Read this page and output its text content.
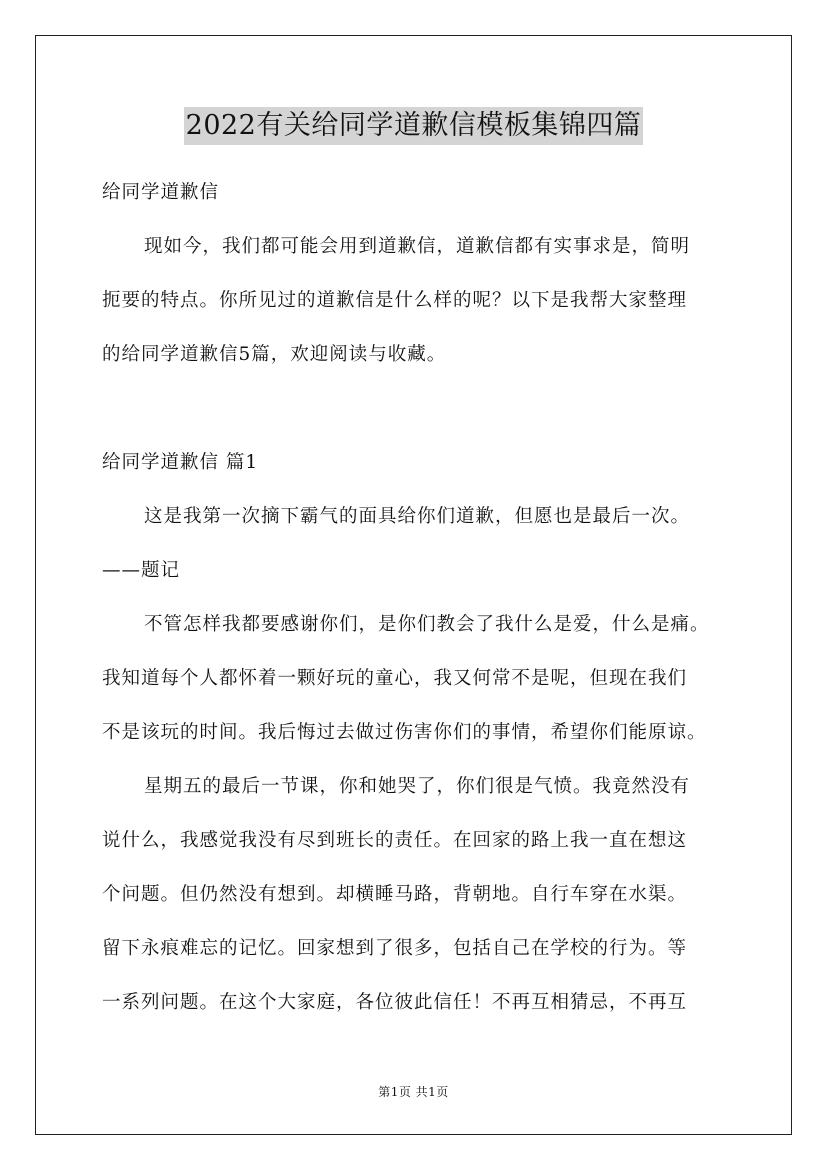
2022有关给同学道歉信模板集锦四篇
给同学道歉信
现如今，我们都可能会用到道歉信，道歉信都有实事求是，简明
扼要的特点。你所见过的道歉信是什么样的呢？以下是我帮大家整理
的给同学道歉信5篇，欢迎阅读与收藏。
给同学道歉信 篇1
这是我第一次摘下霸气的面具给你们道歉，但愿也是最后一次。
——题记
不管怎样我都要感谢你们，是你们教会了我什么是爱，什么是痛。
我知道每个人都怀着一颗好玩的童心，我又何常不是呢，但现在我们
不是该玩的时间。我后悔过去做过伤害你们的事情，希望你们能原谅。
星期五的最后一节课，你和她哭了，你们很是气愤。我竟然没有
说什么，我感觉我没有尽到班长的责任。在回家的路上我一直在想这
个问题。但仍然没有想到。却横睡马路，背朝地。自行车穿在水渠。
留下永痕难忘的记忆。回家想到了很多，包括自己在学校的行为。等
一系列问题。在这个大家庭，各位彼此信任！不再互相猜忌，不再互
第1页 共1页
